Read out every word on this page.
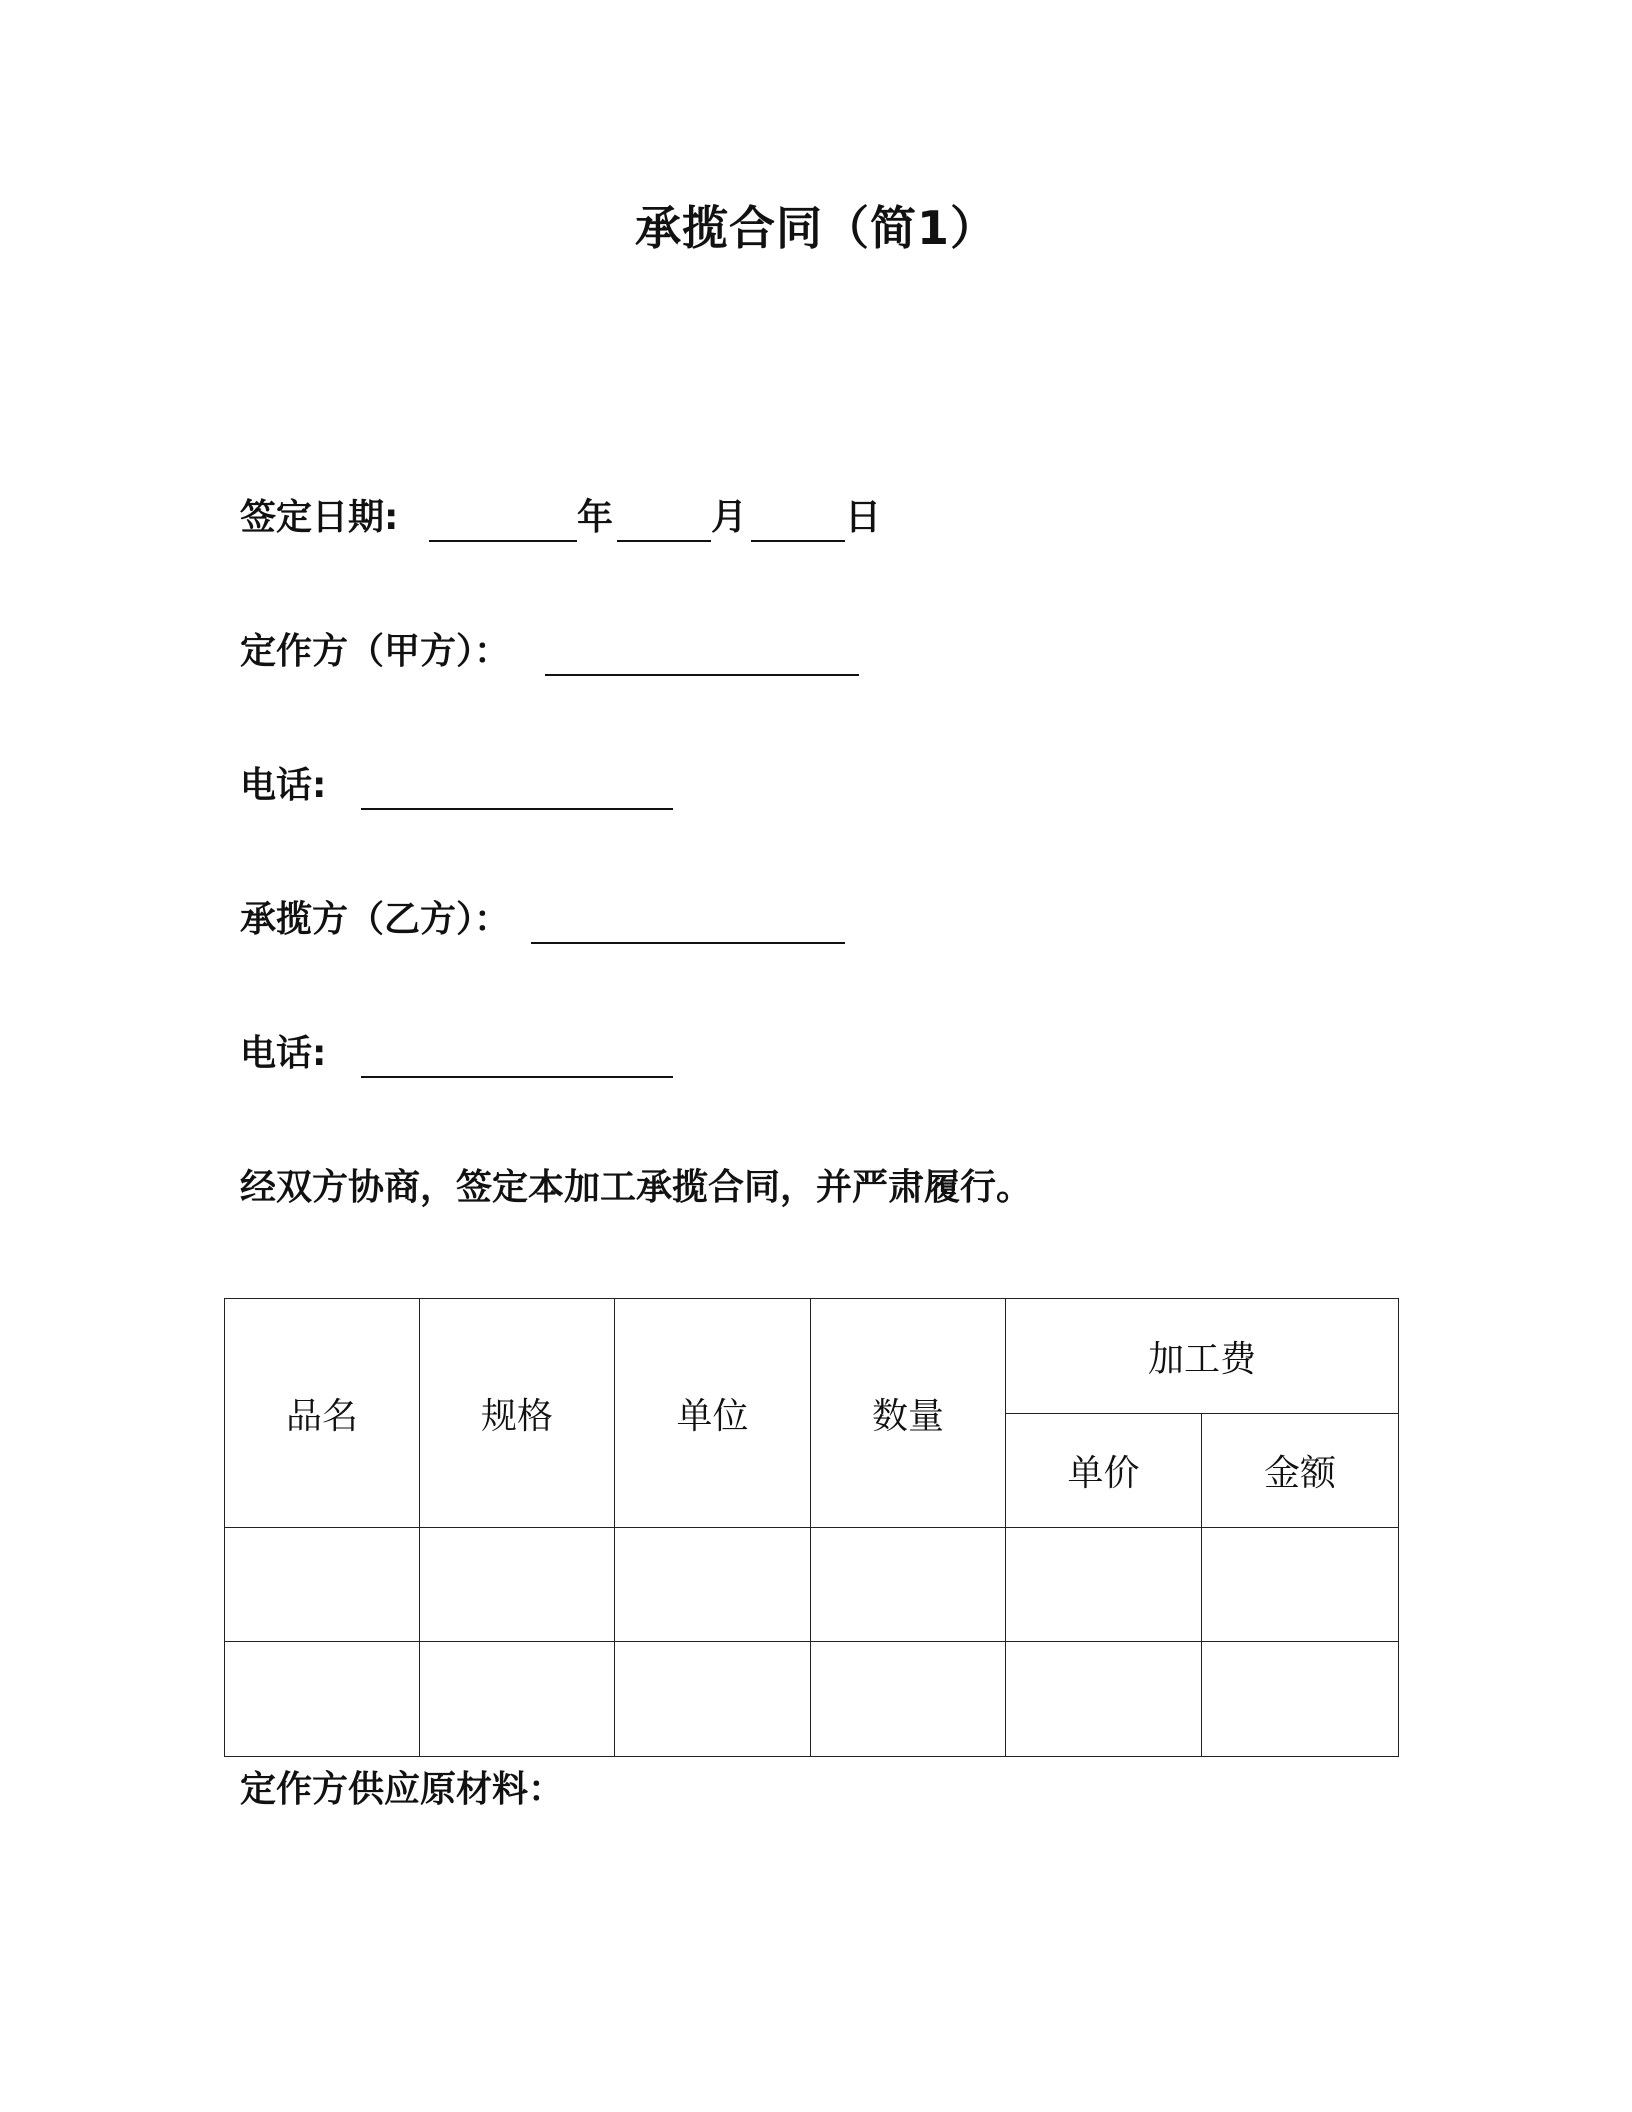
承揽合同（简1）
签定日期:	年	月	日
定作方（甲方）：
电话:
承揽方（乙方）：
电话:
经双方协商，签定本加工承揽合同，并严肃履行。
品名	规格	单位	数量	加工费	
				单价	金额

定作方供应原材料：
